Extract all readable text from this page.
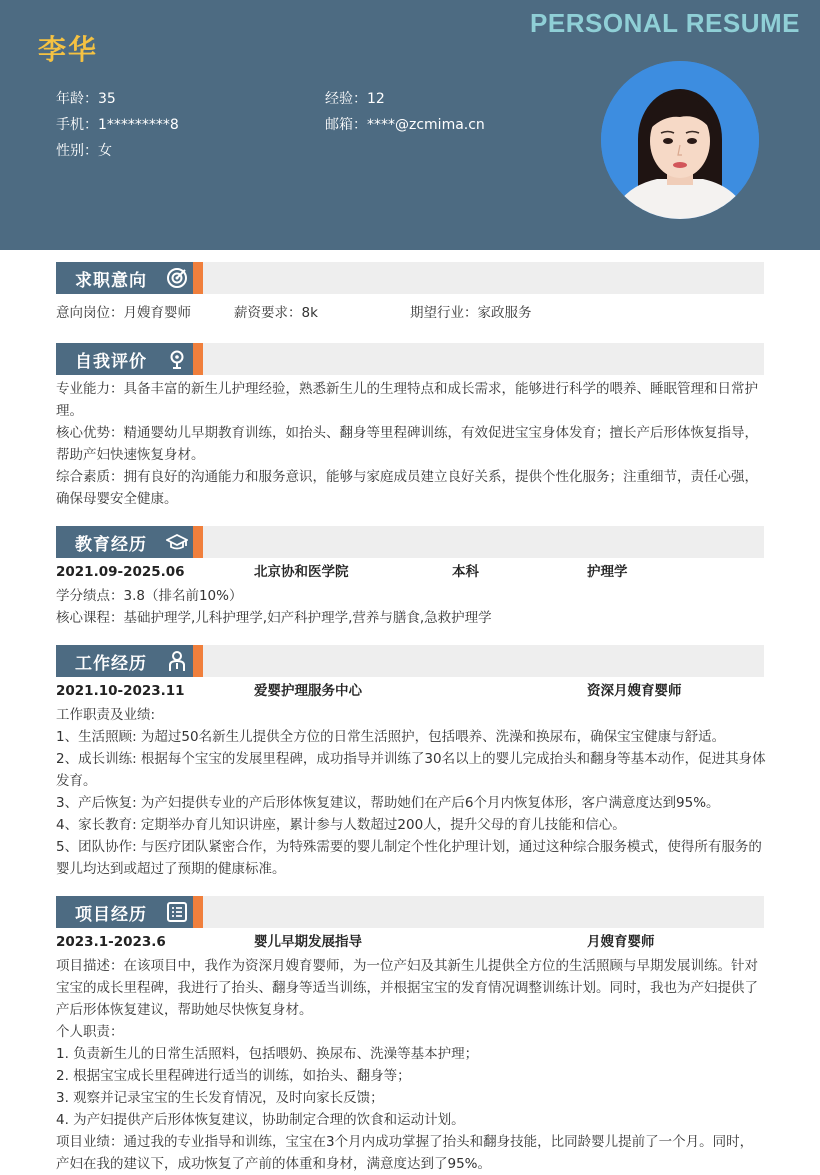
李华
PERSONAL RESUME
年龄：35	经验：12
手机：1*********8	邮箱：****@zcmima.cn
性别：女
求职意向
意向岗位：月嫂育婴师	薪资要求：8k	期望行业：家政服务
自我评价
专业能力：具备丰富的新生儿护理经验，熟悉新生儿的生理特点和成长需求，能够进行科学的喂养、睡眠管理和日常护理。
核心优势：精通婴幼儿早期教育训练，如抬头、翻身等里程碑训练，有效促进宝宝身体发育；擅长产后形体恢复指导，帮助产妇快速恢复身材。
综合素质：拥有良好的沟通能力和服务意识，能够与家庭成员建立良好关系，提供个性化服务；注重细节，责任心强，确保母婴安全健康。
教育经历
2021.09-2025.06	北京协和医学院	本科	护理学
学分绩点：3.8（排名前10%）
核心课程：基础护理学,儿科护理学,妇产科护理学,营养与膳食,急救护理学
工作经历
2021.10-2023.11	爱婴护理服务中心	资深月嫂育婴师
工作职责及业绩:
1、生活照顾: 为超过50名新生儿提供全方位的日常生活照护，包括喂养、洗澡和换尿布，确保宝宝健康与舒适。
2、成长训练: 根据每个宝宝的发展里程碑，成功指导并训练了30名以上的婴儿完成抬头和翻身等基本动作，促进其身体发育。
3、产后恢复: 为产妇提供专业的产后形体恢复建议，帮助她们在产后6个月内恢复体形，客户满意度达到95%。
4、家长教育: 定期举办育儿知识讲座，累计参与人数超过200人，提升父母的育儿技能和信心。
5、团队协作: 与医疗团队紧密合作，为特殊需要的婴儿制定个性化护理计划，通过这种综合服务模式，使得所有服务的婴儿均达到或超过了预期的健康标准。
项目经历
2023.1-2023.6	婴儿早期发展指导	月嫂育婴师
项目描述：在该项目中，我作为资深月嫂育婴师，为一位产妇及其新生儿提供全方位的生活照顾与早期发展训练。针对宝宝的成长里程碑，我进行了抬头、翻身等适当训练，并根据宝宝的发育情况调整训练计划。同时，我也为产妇提供了产后形体恢复建议，帮助她尽快恢复身材。
个人职责：
1. 负责新生儿的日常生活照料，包括喂奶、换尿布、洗澡等基本护理；
2. 根据宝宝成长里程碑进行适当的训练，如抬头、翻身等；
3. 观察并记录宝宝的生长发育情况，及时向家长反馈；
4. 为产妇提供产后形体恢复建议，协助制定合理的饮食和运动计划。
项目业绩：通过我的专业指导和训练，宝宝在3个月内成功掌握了抬头和翻身技能，比同龄婴儿提前了一个月。同时，产妇在我的建议下，成功恢复了产前的体重和身材，满意度达到了95%。
